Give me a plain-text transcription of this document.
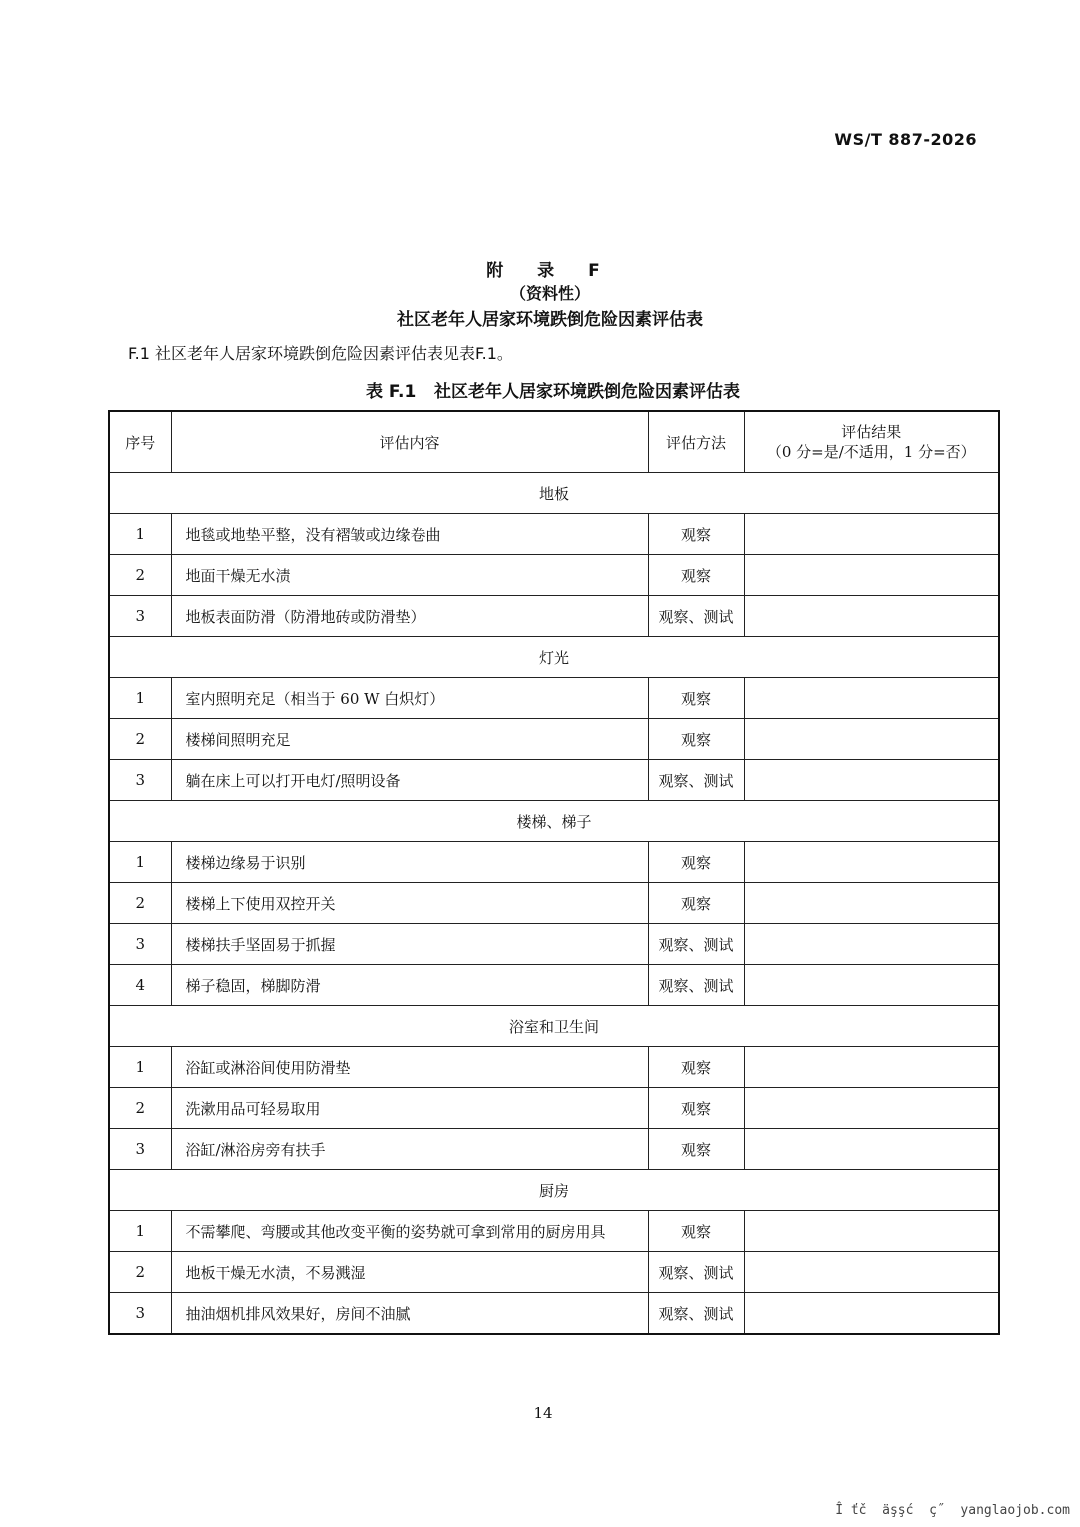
WS/T 887-2026
附 录 F
（资料性）
社区老年人居家环境跌倒危险因素评估表
F.1 社区老年人居家环境跌倒危险因素评估表见表F.1。
表 F.1   社区老年人居家环境跌倒危险因素评估表
序号	评估内容	评估方法	评估结果
（0 分=是/不适用，1 分=否）

地板			
1	地毯或地垫平整，没有褶皱或边缘卷曲	观察	
2	地面干燥无水渍	观察	
3	地板表面防滑（防滑地砖或防滑垫）	观察、测试	
灯光			
1	室内照明充足（相当于 60 W 白炽灯）	观察	
2	楼梯间照明充足	观察	
3	躺在床上可以打开电灯/照明设备	观察、测试	
楼梯、梯子			
1	楼梯边缘易于识别	观察	
2	楼梯上下使用双控开关	观察	
3	楼梯扶手坚固易于抓握	观察、测试	
4	梯子稳固，梯脚防滑	观察、测试	
浴室和卫生间			
1	浴缸或淋浴间使用防滑垫	观察	
2	洗漱用品可轻易取用	观察	
3	浴缸/淋浴房旁有扶手	观察	
厨房			
1	不需攀爬、弯腰或其他改变平衡的姿势就可拿到常用的厨房用具	观察	
2	地板干燥无水渍，不易溅湿	观察、测试	
3	抽油烟机排风效果好，房间不油腻	观察、测试	
14
Î ťč  äşşć  ç˝  yanglaojob.com
